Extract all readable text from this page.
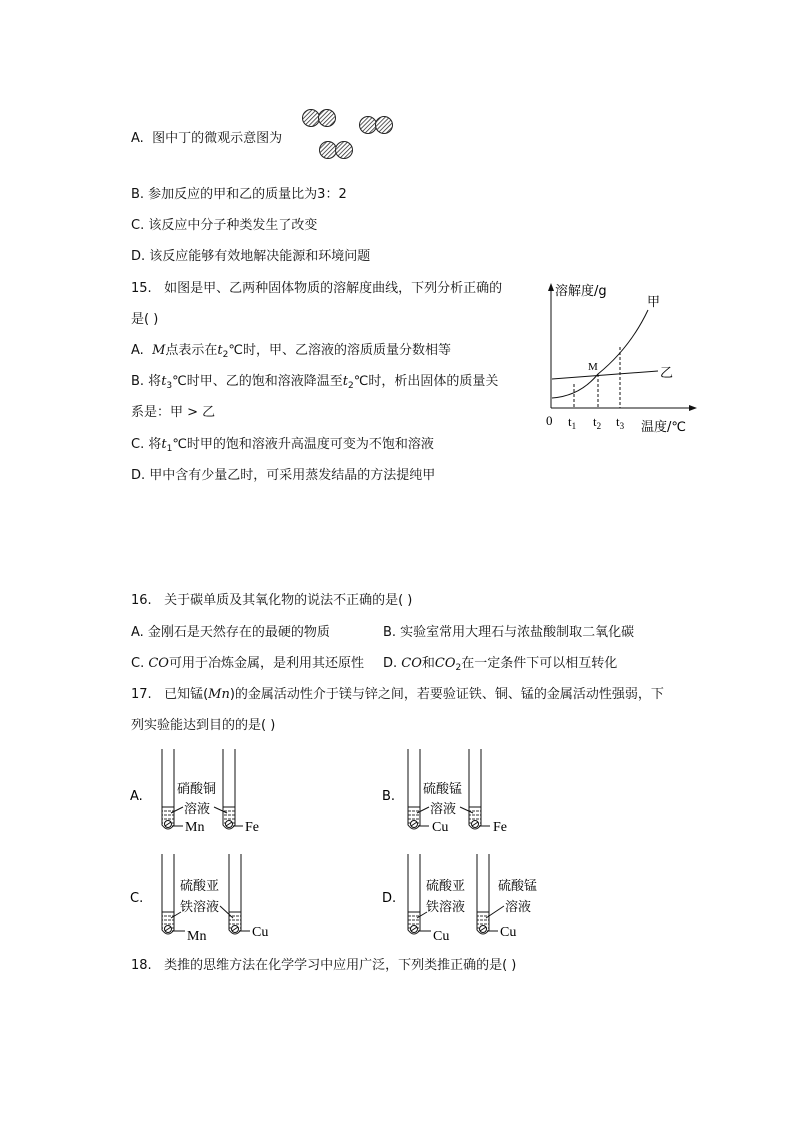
A. 图中丁的微观示意图为
B. 参加反应的甲和乙的质量比为3：2
C. 该反应中分子种类发生了改变
D. 该反应能够有效地解决能源和环境问题
15. 如图是甲、乙两种固体物质的溶解度曲线，下列分析正确的
是( )
A. M点表示在$t_2℃$时，甲、乙溶液的溶质质量分数相等
B. 将$t_3℃$时甲、乙的饱和溶液降温至$t_2℃$时，析出固体的质量关
系是：甲 > 乙
C. 将$t_1℃$时甲的饱和溶液升高温度可变为不饱和溶液
D. 甲中含有少量乙时，可采用蒸发结晶的方法提纯甲
溶解度/g
温度/℃
0
甲
乙
M
$t_1$ $t_2$ $t_3$
16. 关于碳单质及其氧化物的说法不正确的是( )
A. 金刚石是天然存在的最硬的物质	B. 实验室常用大理石与浓盐酸制取二氧化碳
C. CO可用于冶炼金属，是利用其还原性 D. CO和$CO_2$在一定条件下可以相互转化
17. 已知锰(Mn)的金属活动性介于镁与锌之间，若要验证铁、铜、锰的金属活动性强弱，下
列实验能达到目的的是( )
A.	硝酸铜
溶液
Mn	Fe
B. 硫酸锰
溶液
Cu	Fe
C.
硫酸亚
铁溶液
Mn	Cu
D.
硫酸亚
铁溶液
硫酸锰
溶液
Cu	Cu
18. 类推的思维方法在化学学习中应用广泛，下列类推正确的是( )
